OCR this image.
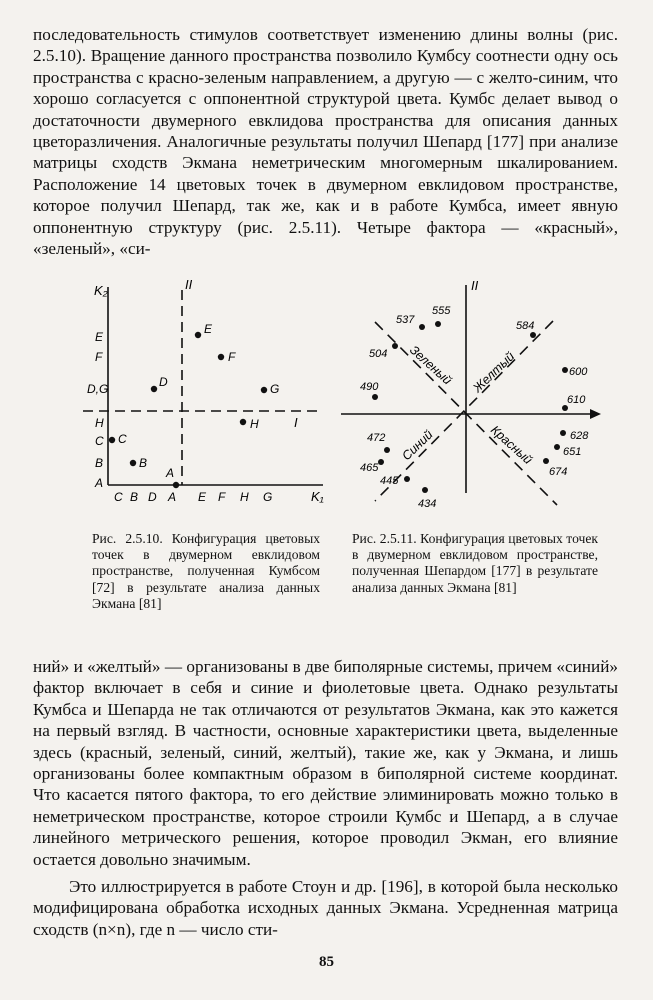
последовательность стимулов соответствует изменению длины волны (рис. 2.5.10). Вращение данного пространства позволило Кумбсу соотнести одну ось пространства с красно-зеленым направлением, а другую — с желто-синим, что хорошо согласуется с оппонентной структурой цвета. Кумбс делает вывод о достаточности двумерного евклидова пространства для описания данных цветоразличения. Аналогичные результаты получил Шепард [177] при анализе матрицы сходств Экмана неметрическим многомерным шкалированием. Расположение 14 цветовых точек в двумерном евклидовом пространстве, которое получил Шепард, так же, как и в работе Кумбса, имеет явную оппонентную структуру (рис. 2.5.11). Четыре фактора — «красный», «зеленый», «си-

K₂
K₁
II
I
E
F
D,G
H
C
B
A
C B D A E F H G
E
F
D	G
H
C
B
A
II
Зеленый Желтый
Синий	Красный
537
555
584
504
600
490
610
472	628
651
465	674
445
434

Рис. 2.5.10. Конфигурация цветовых точек в двумерном евклидовом пространстве, полученная Кумбсом [72] в результате анализа данных Экмана [81]

Рис. 2.5.11. Конфигурация цветовых точек в двумерном евклидовом пространстве, полученная Шепардом [177] в результате анализа данных Экмана [81]

ний» и «желтый» — организованы в две биполярные системы, причем «синий» фактор включает в себя и синие и фиолетовые цвета. Однако результаты Кумбса и Шепарда не так отличаются от результатов Экмана, как это кажется на первый взгляд. В частности, основные характеристики цвета, выделенные здесь (красный, зеленый, синий, желтый), такие же, как у Экмана, и лишь организованы более компактным образом в биполярной системе координат. Что касается пятого фактора, то его действие элиминировать можно только в неметрическом пространстве, которое строили Кумбс и Шепард, а в случае линейного метрического решения, которое проводил Экман, его влияние остается довольно значимым.

Это иллюстрируется в работе Стоун и др. [196], в которой была несколько модифицирована обработка исходных данных Экмана. Усредненная матрица сходств (n×n), где n — число сти-

85
